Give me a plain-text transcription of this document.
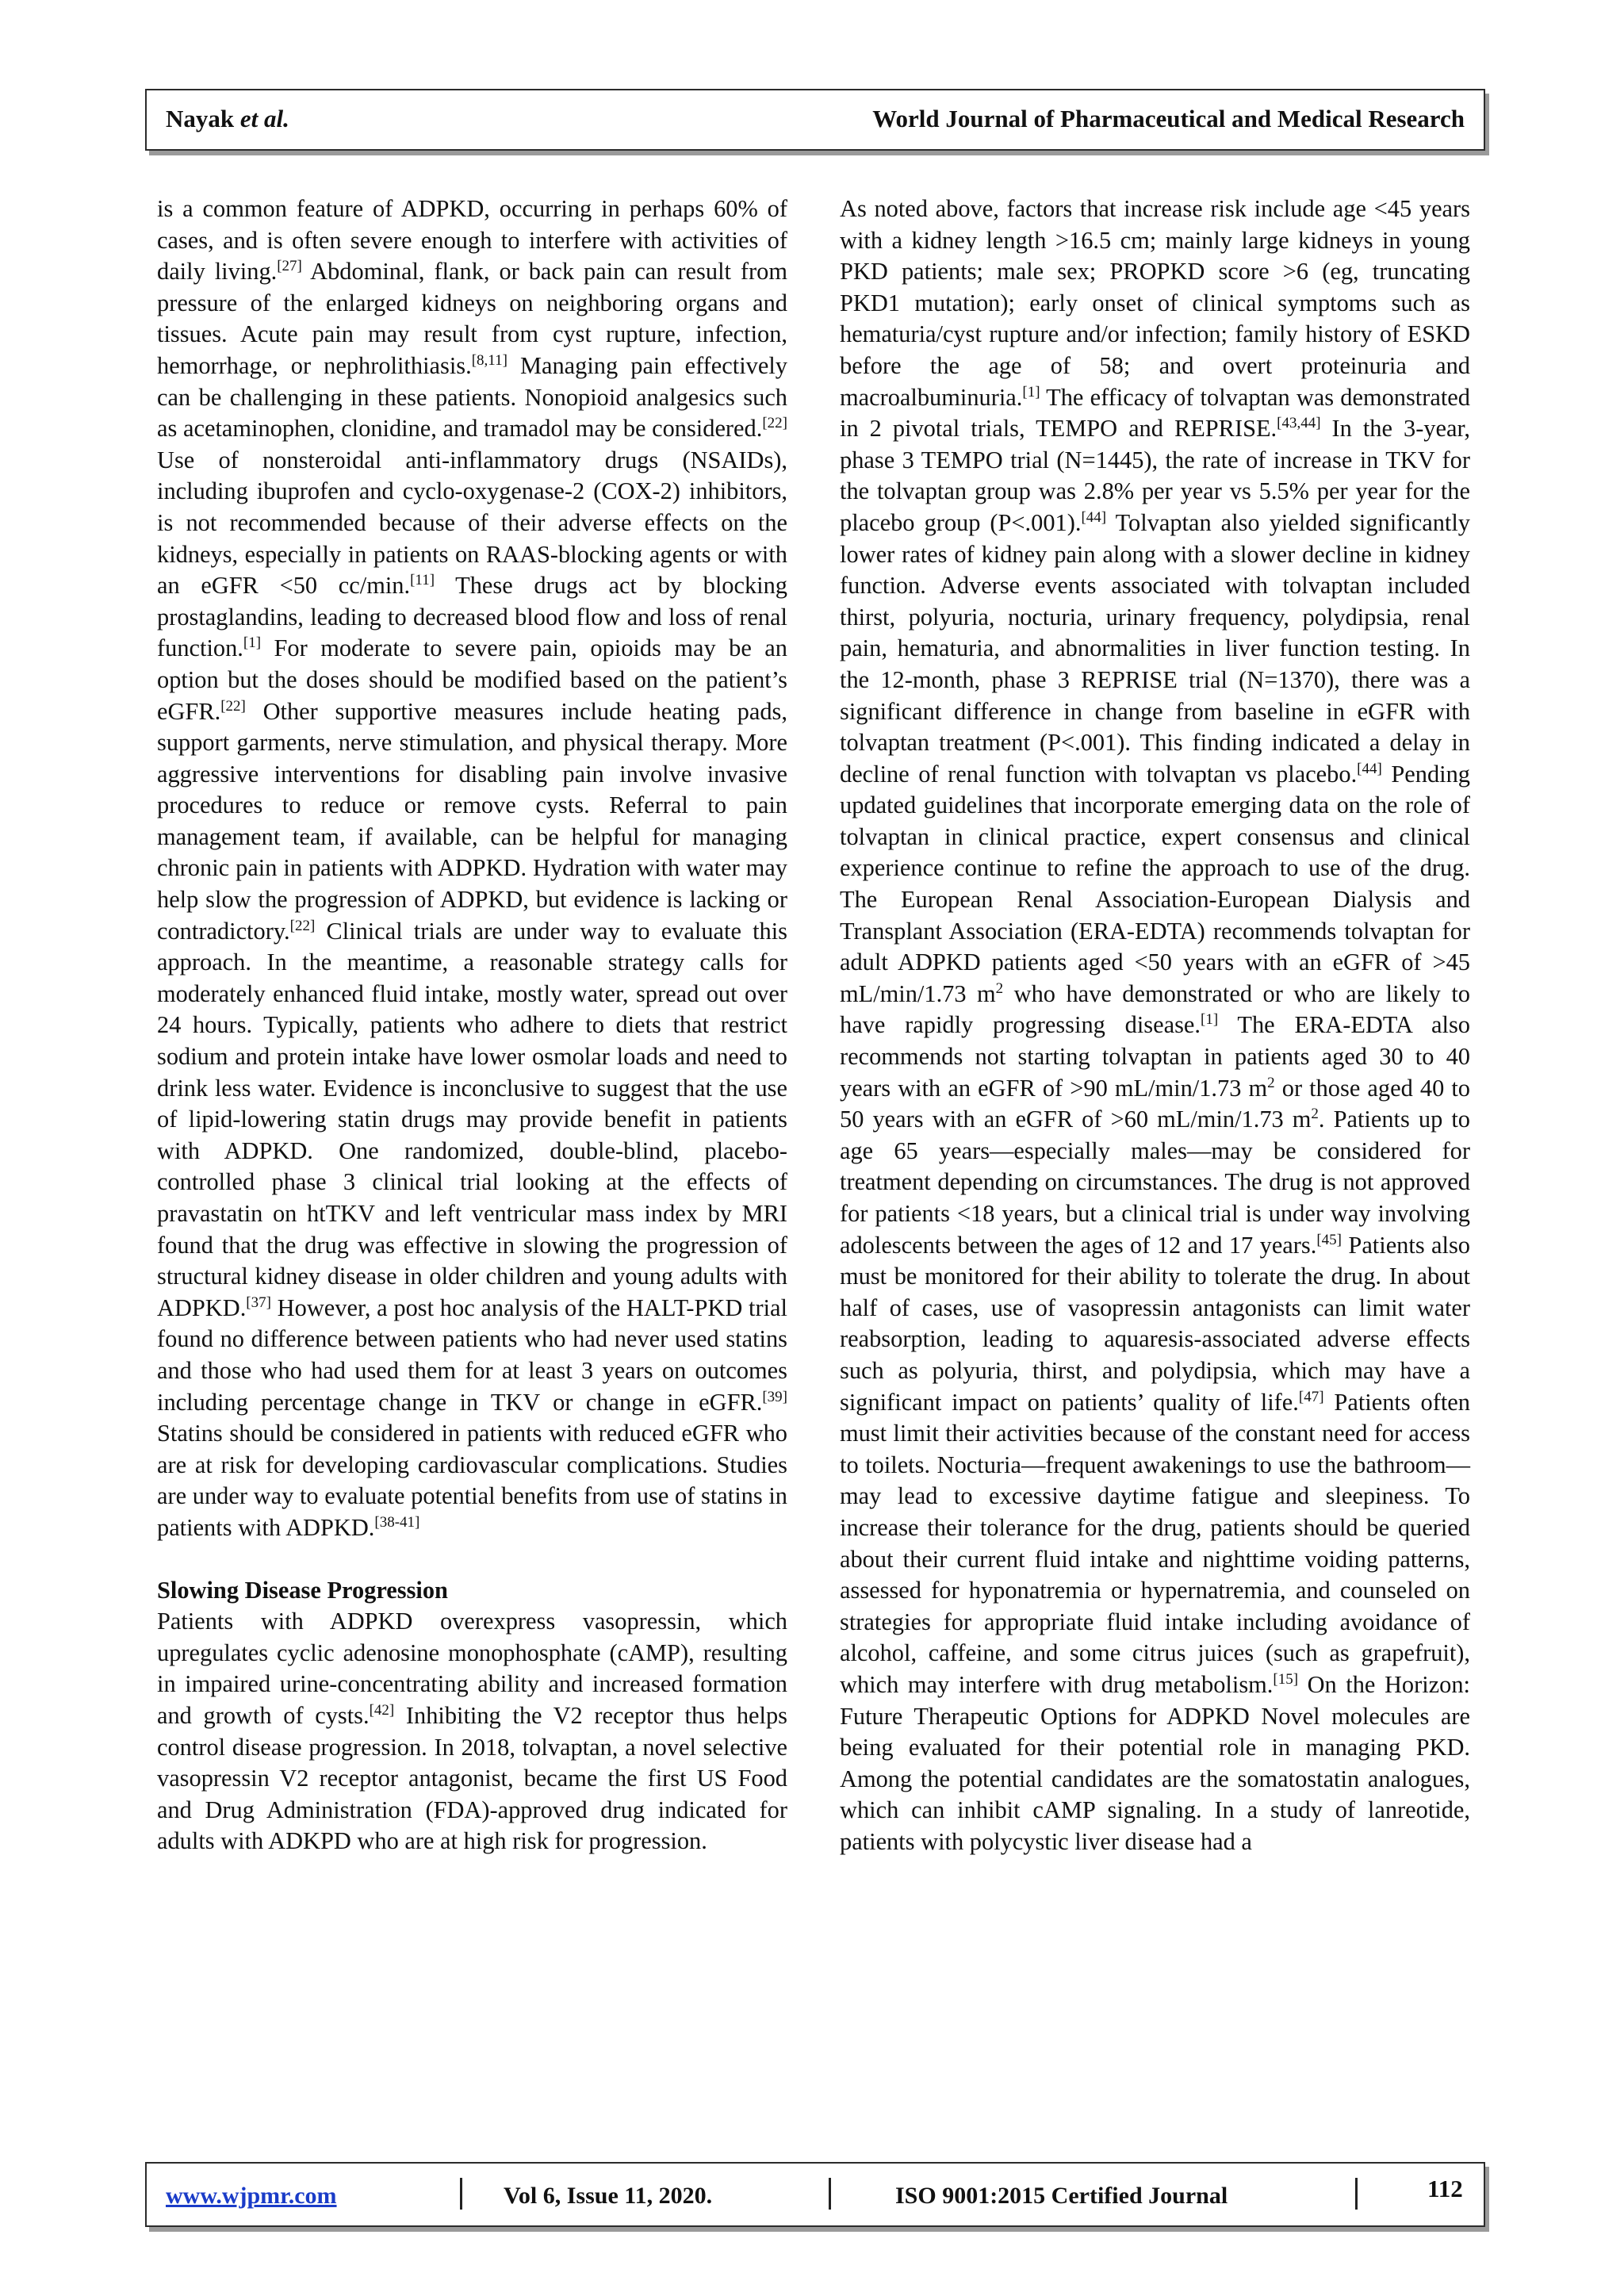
Nayak et al.	World Journal of Pharmaceutical and Medical Research

is a common feature of ADPKD, occurring in perhaps 60% of cases, and is often severe enough to interfere with activities of daily living.[27] Abdominal, flank, or back pain can result from pressure of the enlarged kidneys on neighboring organs and tissues. Acute pain may result from cyst rupture, infection, hemorrhage, or nephrolithiasis.[8,11] Managing pain effectively can be challenging in these patients. Nonopioid analgesics such as acetaminophen, clonidine, and tramadol may be considered.[22] Use of nonsteroidal anti-inflammatory drugs (NSAIDs), including ibuprofen and cyclo-oxygenase-2 (COX-2) inhibitors, is not recommended because of their adverse effects on the kidneys, especially in patients on RAAS-blocking agents or with an eGFR <50 cc/min.[11] These drugs act by blocking prostaglandins, leading to decreased blood flow and loss of renal function.[1] For moderate to severe pain, opioids may be an option but the doses should be modified based on the patient’s eGFR.[22] Other supportive measures include heating pads, support garments, nerve stimulation, and physical therapy. More aggressive interventions for disabling pain involve invasive procedures to reduce or remove cysts. Referral to pain management team, if available, can be helpful for managing chronic pain in patients with ADPKD. Hydration with water may help slow the progression of ADPKD, but evidence is lacking or contradictory.[22] Clinical trials are under way to evaluate this approach. In the meantime, a reasonable strategy calls for moderately enhanced fluid intake, mostly water, spread out over 24 hours. Typically, patients who adhere to diets that restrict sodium and protein intake have lower osmolar loads and need to drink less water. Evidence is inconclusive to suggest that the use of lipid-lowering statin drugs may provide benefit in patients with ADPKD. One randomized, double-blind, placebo-controlled phase 3 clinical trial looking at the effects of pravastatin on htTKV and left ventricular mass index by MRI found that the drug was effective in slowing the progression of structural kidney disease in older children and young adults with ADPKD.[37] However, a post hoc analysis of the HALT-PKD trial found no difference between patients who had never used statins and those who had used them for at least 3 years on outcomes including percentage change in TKV or change in eGFR.[39] Statins should be considered in patients with reduced eGFR who are at risk for developing cardiovascular complications. Studies are under way to evaluate potential benefits from use of statins in patients with ADPKD.[38-41]

Slowing Disease Progression

Patients with ADPKD overexpress vasopressin, which upregulates cyclic adenosine monophosphate (cAMP), resulting in impaired urine-concentrating ability and increased formation and growth of cysts.[42] Inhibiting the V2 receptor thus helps control disease progression. In 2018, tolvaptan, a novel selective vasopressin V2 receptor antagonist, became the first US Food and Drug Administration (FDA)-approved drug indicated for adults with ADKPD who are at high risk for progression.

As noted above, factors that increase risk include age <45 years with a kidney length >16.5 cm; mainly large kidneys in young PKD patients; male sex; PROPKD score >6 (eg, truncating PKD1 mutation); early onset of clinical symptoms such as hematuria/cyst rupture and/or infection; family history of ESKD before the age of 58; and overt proteinuria and macroalbuminuria.[1] The efficacy of tolvaptan was demonstrated in 2 pivotal trials, TEMPO and REPRISE.[43,44] In the 3-year, phase 3 TEMPO trial (N=1445), the rate of increase in TKV for the tolvaptan group was 2.8% per year vs 5.5% per year for the placebo group (P<.001).[44] Tolvaptan also yielded significantly lower rates of kidney pain along with a slower decline in kidney function. Adverse events associated with tolvaptan included thirst, polyuria, nocturia, urinary frequency, polydipsia, renal pain, hematuria, and abnormalities in liver function testing. In the 12-month, phase 3 REPRISE trial (N=1370), there was a significant difference in change from baseline in eGFR with tolvaptan treatment (P<.001). This finding indicated a delay in decline of renal function with tolvaptan vs placebo.[44] Pending updated guidelines that incorporate emerging data on the role of tolvaptan in clinical practice, expert consensus and clinical experience continue to refine the approach to use of the drug. The European Renal Association-European Dialysis and Transplant Association (ERA-EDTA) recommends tolvaptan for adult ADPKD patients aged <50 years with an eGFR of >45 mL/min/1.73 $m^2$ who have demonstrated or who are likely to have rapidly progressing disease.[1] The ERA-EDTA also recommends not starting tolvaptan in patients aged 30 to 40 years with an eGFR of >90 mL/min/1.73 $m^2$ or those aged 40 to 50 years with an eGFR of >60 mL/min/1.73 $m^2$. Patients up to age 65 years—especially males—may be considered for treatment depending on circumstances. The drug is not approved for patients <18 years, but a clinical trial is under way involving adolescents between the ages of 12 and 17 years.[45] Patients also must be monitored for their ability to tolerate the drug. In about half of cases, use of vasopressin antagonists can limit water reabsorption, leading to aquaresis-associated adverse effects such as polyuria, thirst, and polydipsia, which may have a significant impact on patients’ quality of life.[47] Patients often must limit their activities because of the constant need for access to toilets. Nocturia—frequent awakenings to use the bathroom—may lead to excessive daytime fatigue and sleepiness. To increase their tolerance for the drug, patients should be queried about their current fluid intake and nighttime voiding patterns, assessed for hyponatremia or hypernatremia, and counseled on strategies for appropriate fluid intake including avoidance of alcohol, caffeine, and some citrus juices (such as grapefruit), which may interfere with drug metabolism.[15] On the Horizon: Future Therapeutic Options for ADPKD Novel molecules are being evaluated for their potential role in managing PKD. Among the potential candidates are the somatostatin analogues, which can inhibit cAMP signaling. In a study of lanreotide, patients with polycystic liver disease had a

www.wjpmr.com	Vol 6, Issue 11, 2020.	ISO 9001:2015 Certified Journal	112
